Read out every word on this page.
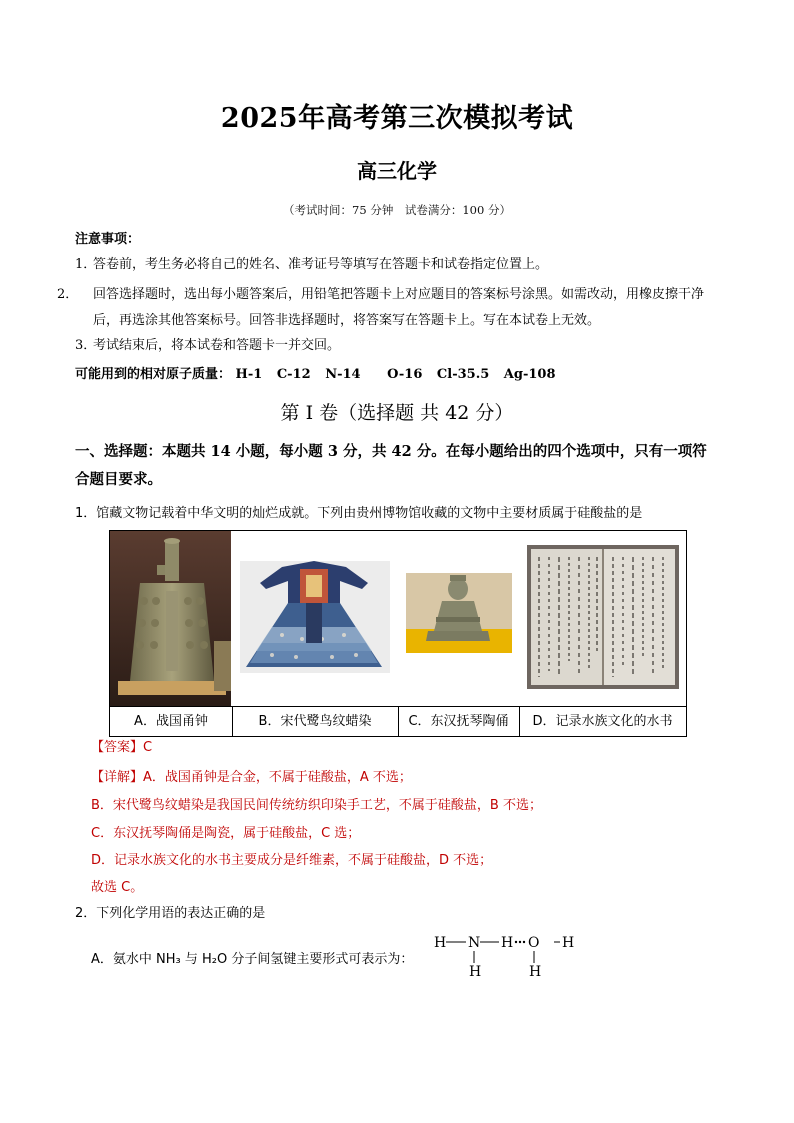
2025年高考第三次模拟考试
高三化学
（考试时间：75 分钟　试卷满分：100 分）
注意事项：
1．答卷前，考生务必将自己的姓名、准考证号等填写在答题卡和试卷指定位置上。
2． 回答选择题时，选出每小题答案后，用铅笔把答题卡上对应题目的答案标号涂黑。如需改动，用橡皮擦干净后，再选涂其他答案标号。回答非选择题时，将答案写在答题卡上。写在本试卷上无效。
3．考试结束后，将本试卷和答题卡一并交回。
可能用到的相对原子质量： H-1 C-12 N-14 O-16 Cl-35.5 Ag-108
第 I 卷（选择题 共 42 分）
一、选择题：本题共 14 小题，每小题 3 分，共 42 分。在每小题给出的四个选项中，只有一项符合题目要求。
1．馆藏文物记载着中华文明的灿烂成就。下列由贵州博物馆收藏的文物中主要材质属于硅酸盐的是
A．战国甬钟	B．宋代鹭鸟纹蜡染	C．东汉抚琴陶俑	D．记录水族文化的水书
【答案】C
【详解】A．战国甬钟是合金，不属于硅酸盐，A 不选；
B．宋代鹭鸟纹蜡染是我国民间传统纺织印染手工艺，不属于硅酸盐，B 不选；
C．东汉抚琴陶俑是陶瓷，属于硅酸盐，C 选；
D．记录水族文化的水书主要成分是纤维素，不属于硅酸盐，D 不选；
故选 C。
2．下列化学用语的表达正确的是
A．氨水中 NH₃ 与 H₂O 分子间氢键主要形式可表示为：
H N H O H
H	H
